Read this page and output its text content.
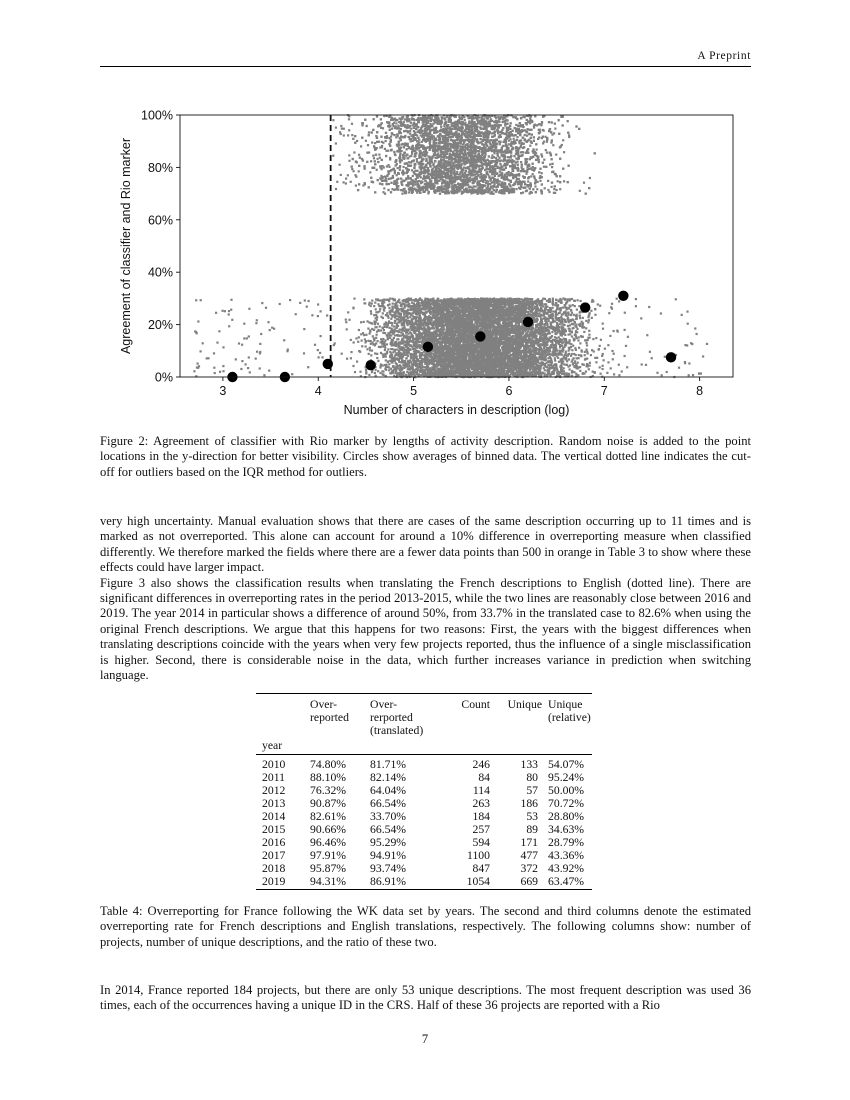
A Preprint
3	4	5	6	7	8
0%
20%
40%
60%
80%
100%
Number of characters in description (log)
Agreement of classifier and Rio marker

Figure 2: Agreement of classifier with Rio marker by lengths of activity description. Random noise is added to the point locations in the y-direction for better visibility. Circles show averages of binned data. The vertical dotted line indicates the cut-off for outliers based on the IQR method for outliers.

very high uncertainty. Manual evaluation shows that there are cases of the same description occurring up to 11 times and is marked as not overreported. This alone can account for around a 10% difference in overreporting measure when classified differently. We therefore marked the fields where there are a fewer data points than 500 in orange in Table 3 to show where these effects could have larger impact.
Figure 3 also shows the classification results when translating the French descriptions to English (dotted line). There are significant differences in overreporting rates in the period 2013-2015, while the two lines are reasonably close between 2016 and 2019. The year 2014 in particular shows a difference of around 50%, from 33.7% in the translated case to 82.6% when using the original French descriptions. We argue that this happens for two reasons: First, the years with the biggest differences when translating descriptions coincide with the years when very few projects reported, thus the influence of a single misclassification is higher. Second, there is considerable noise in the data, which further increases variance in prediction when switching language.
	Over-
reported	Over-
rerported
(translated)	Count	Unique	Unique
(relative)
year					
2010	74.80%	81.71%	246	133	54.07%
2011	88.10%	82.14%	84	80	95.24%
2012	76.32%	64.04%	114	57	50.00%
2013	90.87%	66.54%	263	186	70.72%
2014	82.61%	33.70%	184	53	28.80%
2015	90.66%	66.54%	257	89	34.63%
2016	96.46%	95.29%	594	171	28.79%
2017	97.91%	94.91%	1100	477	43.36%
2018	95.87%	93.74%	847	372	43.92%
2019	94.31%	86.91%	1054	669	63.47%

Table 4: Overreporting for France following the WK data set by years. The second and third columns denote the estimated overreporting rate for French descriptions and English translations, respectively. The following columns show: number of projects, number of unique descriptions, and the ratio of these two.

In 2014, France reported 184 projects, but there are only 53 unique descriptions. The most frequent description was used 36 times, each of the occurrences having a unique ID in the CRS. Half of these 36 projects are reported with a Rio

7
